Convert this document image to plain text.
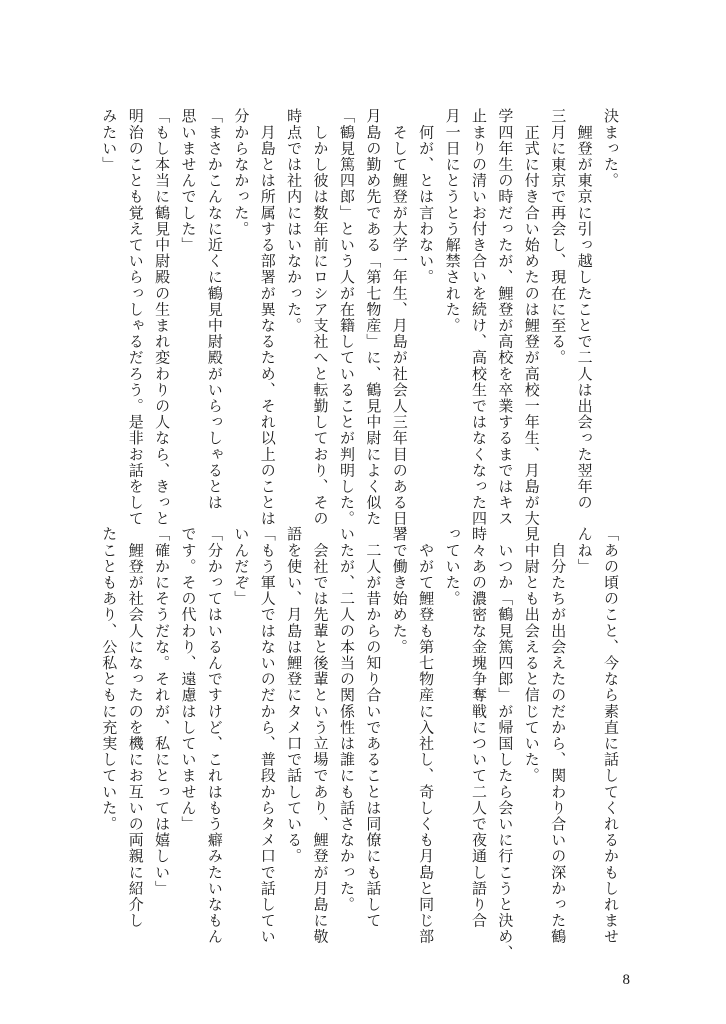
決まった。
　鯉登が東京に引っ越したことで二人は出会った翌年の
三月に東京で再会し、現在に至る。
　正式に付き合い始めたのは鯉登が高校一年生、月島が大
学四年生の時だったが、鯉登が高校を卒業するまではキス
止まりの清いお付き合いを続け、高校生ではなくなった四
月一日にとうとう解禁された。
　何が、とは言わない。
　そして鯉登が大学一年生、月島が社会人三年目のある日、
月島の勤め先である「第七物産」に、鶴見中尉によく似た
「鶴見篤四郎」という人が在籍していることが判明した。
　しかし彼は数年前にロシア支社へと転勤しており、その
時点では社内にはいなかった。
　月島とは所属する部署が異なるため、それ以上のことは
分からなかった。
「まさかこんなに近くに鶴見中尉殿がいらっしゃるとは
思いませんでした」
「もし本当に鶴見中尉殿の生まれ変わりの人なら、きっと
明治のことも覚えていらっしゃるだろう。是非お話をして
みたい」
「あの頃のこと、今なら素直に話してくれるかもしれませ
んね」
　自分たちが出会えたのだから、関わり合いの深かった鶴
見中尉とも出会えると信じていた。
　いつか「鶴見篤四郎」が帰国したら会いに行こうと決め、
時々あの濃密な金塊争奪戦について二人で夜通し語り合
っていた。
　やがて鯉登も第七物産に入社し、奇しくも月島と同じ部
署で働き始めた。
　二人が昔からの知り合いであることは同僚にも話して
いたが、二人の本当の関係性は誰にも話さなかった。
　会社では先輩と後輩という立場であり、鯉登が月島に敬
語を使い、月島は鯉登にタメ口で話している。
「もう軍人ではないのだから、普段からタメ口で話してい
いんだぞ」
「分かってはいるんですけど、これはもう癖みたいなもん
です。その代わり、遠慮はしていません」
「確かにそうだな。それが、私にとっては嬉しい」
　鯉登が社会人になったのを機にお互いの両親に紹介し
たこともあり、公私ともに充実していた。
8
